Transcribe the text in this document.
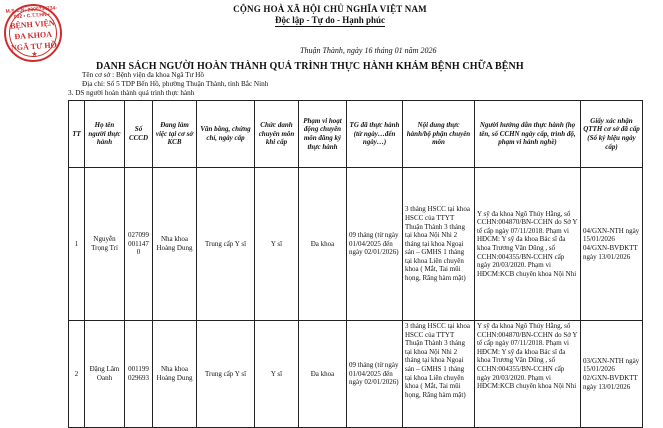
M.S.C.N: 2300734734-002 • C.T.T.HN •
BỆNH VIỆN
ĐA KHOA
NGÃ TƯ HỒ
★
CỘNG HOÀ XÃ HỘI CHỦ NGHĨA VIỆT NAM
Độc lập - Tự do - Hạnh phúc
Thuận Thành, ngày 16 tháng 01 năm 2026
DANH SÁCH NGƯỜI HOÀN THÀNH QUÁ TRÌNH THỰC HÀNH KHÁM BỆNH CHỮA BỆNH
Tên cơ sở : Bệnh viện đa khoa Ngã Tư Hồ
Địa chỉ: Số 5 TDP Bến Hồ, phường Thuận Thành, tỉnh Bắc Ninh
3. DS người hoàn thành quá trình thực hành
TT	Họ tên người thực hành	Số CCCD	Đang làm việc tại cơ sở KCB	Văn bằng, chứng chỉ, ngày cấp	Chức danh chuyên môn khi cấp	Phạm vi hoạt động chuyên môn đăng ký thực hành	TG đã thực hành (từ ngày…đến ngày…)	Nội dung thực hành/bộ phận chuyên môn	Người hướng dẫn thực hành (họ tên, số CCHN ngày cấp, trình độ, phạm vi hành nghề)	Giấy xác nhận QTTH cơ sở đã cấp (Số ký hiệu ngày cấp)
1	Nguyễn Trọng Trí	027099 001147 0	Nha khoa Hoàng Dung	Trung cấp Y sĩ	Y sĩ	Đa khoa	09 tháng (từ ngày 01/04/2025 đến ngày 02/01/2026)	3 tháng HSCC tại khoa HSCC của TTYT Thuận Thành 3 tháng tại khoa Nội Nhi 2 tháng tại khoa Ngoại sản – GMHS 1 tháng tại khoa Liên chuyên khoa ( Mắt, Tai mũi họng, Răng hàm mặt)	Y sỹ đa khoa Ngô Thúy Hằng, số CCHN:004870/BN-CCHN do Sở Y tế cấp ngày 07/11/2018. Phạm vi HĐCM: Y sỹ đa khoa Bác sĩ đa khoa Trương Văn Dũng , số CCHN:004355/BN-CCHN cấp ngày 20/03/2020. Phạm vi HĐCM:KCB chuyên khoa Nội Nhi	04/GXN-NTH ngày 15/01/2026 04/GXN-BVĐKTT ngày 13/01/2026
2	Đặng Lâm Oanh	001199 029693	Nha khoa Hoàng Dung	Trung cấp Y sĩ	Y sĩ	Đa khoa	09 tháng (từ ngày 01/04/2025 đến ngày 02/01/2026)	3 tháng HSCC tại khoa HSCC của TTYT Thuận Thành 3 tháng tại khoa Nội Nhi 2 tháng tại khoa Ngoại sản – GMHS 1 tháng tại khoa Liên chuyên khoa ( Mắt, Tai mũi họng, Răng hàm mặt)	Y sỹ đa khoa Ngô Thúy Hằng, số CCHN:004870/BN-CCHN do Sở Y tế cấp ngày 07/11/2018. Phạm vi HĐCM: Y sỹ đa khoa Bác sĩ đa khoa Trương Văn Dũng , số CCHN:004355/BN-CCHN cấp ngày 20/03/2020. Phạm vi HĐCM:KCB chuyên khoa Nội Nhi	03/GXN-NTH ngày 15/01/2026 02/GXN-BVĐKTT ngày 13/01/2026
